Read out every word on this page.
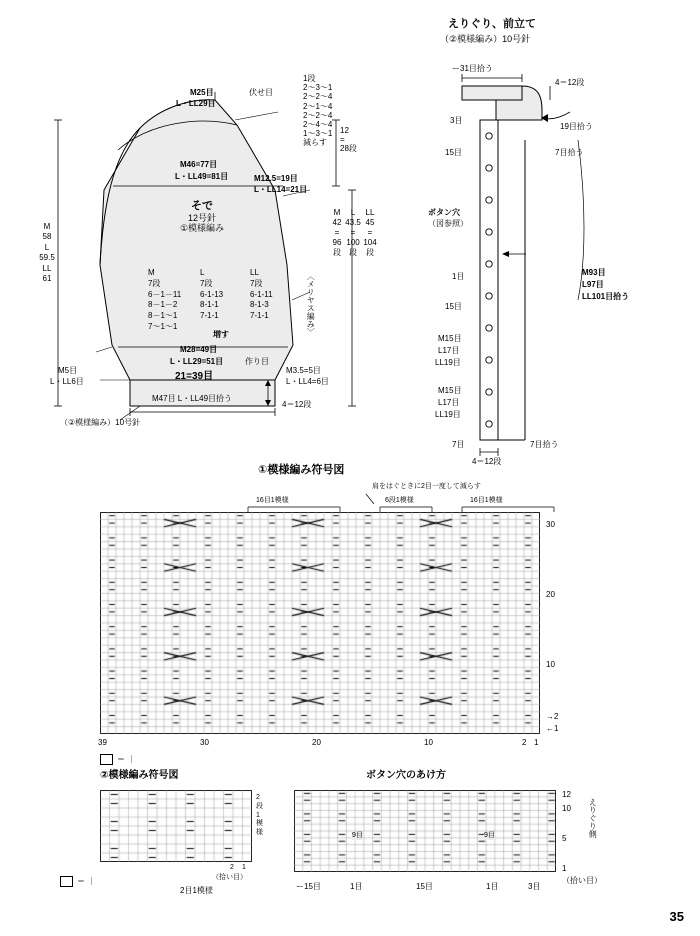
M25目
L・LL29目
伏せ目
1段
2～3～1
2～2～4
2～1～4
2～2～4
2～4～4
1～3～1
減らす
M46=77目
L・LL49=81目	M12.5=19目
L・LL14=21目
12
=
28段
M	L	LL
42 43.5 45
=	=	=
96 100 104
段	段	段
そで
12号針
①模様編み
〈メリヤス編み〉
M	L	LL
7段	7段	7段
6－1－11	6-1-13	6-1-11
8－1－2	8-1-1	8-1-3
8－1～1	7-1-1	7-1-1
7～1～1
増す
M28=49目
L・LL29=51目	作り目
21=39目
M47目 L・LL49目拾う
M5目
L・LL6目
M3.5=5目
L・LL4=6目
4＝12段
（②模様編み）10号針
M
58
L
59.5
LL
61
えりぐり、前立て
（②模様編み）10号針
ー31目拾う
4＝12段
19目拾う
3目
7目拾う
15目
ボタン穴
（図参照）
1目
15目
M93目
L97目
LL101目拾う
M15目
L17目
LL19目
M15目
L17目
LL19目
7目	7目拾う
4＝12段
①模様編み符号図
肩をはぐときに2目一度して減らす
16目1模様	6段1模様	16目1模様
30
20
10
→2
←1
39	30	20	10	2 1
＝ ｜
②模様編み符号図
2
段
1
模
様
2 1
（拾い目）
2目1模様
＝ ｜
ボタン穴のあけ方
9目	9目
12
10
5
1
（拾い目）
えりぐり側
ー15目	1目	15目	1目	3目
35
